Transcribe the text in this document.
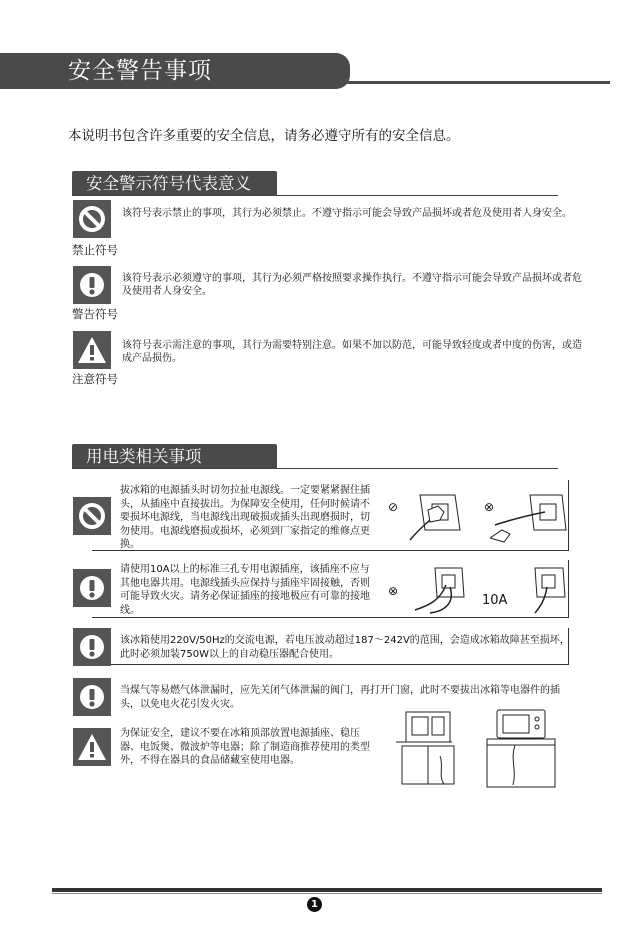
安全警告事项
本说明书包含许多重要的安全信息，请务必遵守所有的安全信息。
安全警示符号代表意义
该符号表示禁止的事项，其行为必须禁止。不遵守指示可能会导致产品损坏或者危及使用者人身安全。
禁止符号
该符号表示必须遵守的事项，其行为必须严格按照要求操作执行。不遵守指示可能会导致产品损坏或者危及使用者人身安全。
警告符号
该符号表示需注意的事项，其行为需要特别注意。如果不加以防范，可能导致轻度或者中度的伤害，或造成产品损伤。
注意符号
用电类相关事项
拔冰箱的电源插头时切勿拉扯电源线。一定要紧紧握住插头，从插座中直接拔出。为保障安全使用，任何时候请不要损坏电源线，当电源线出现破损或插头出现磨损时，切勿使用。电源线磨损或损坏，必须到厂家指定的维修点更换。
⊘	⊗
请使用10A以上的标准三孔专用电源插座，该插座不应与其他电器共用。电源线插头应保持与插座牢固接触，否则可能导致火灾。请务必保证插座的接地极应有可靠的接地线。
⊗
10A
该冰箱使用220V/50Hz的交流电源，若电压波动超过187～242V的范围，会造成冰箱故障甚至损坏，此时必须加装750W以上的自动稳压器配合使用。
当煤气等易燃气体泄漏时，应先关闭气体泄漏的阀门，再打开门窗，此时不要拔出冰箱等电器件的插头，以免电火花引发火灾。
为保证安全，建议不要在冰箱顶部放置电源插座、稳压器、电饭煲、微波炉等电器；除了制造商推荐使用的类型外，不得在器具的食品储藏室使用电器。
1
